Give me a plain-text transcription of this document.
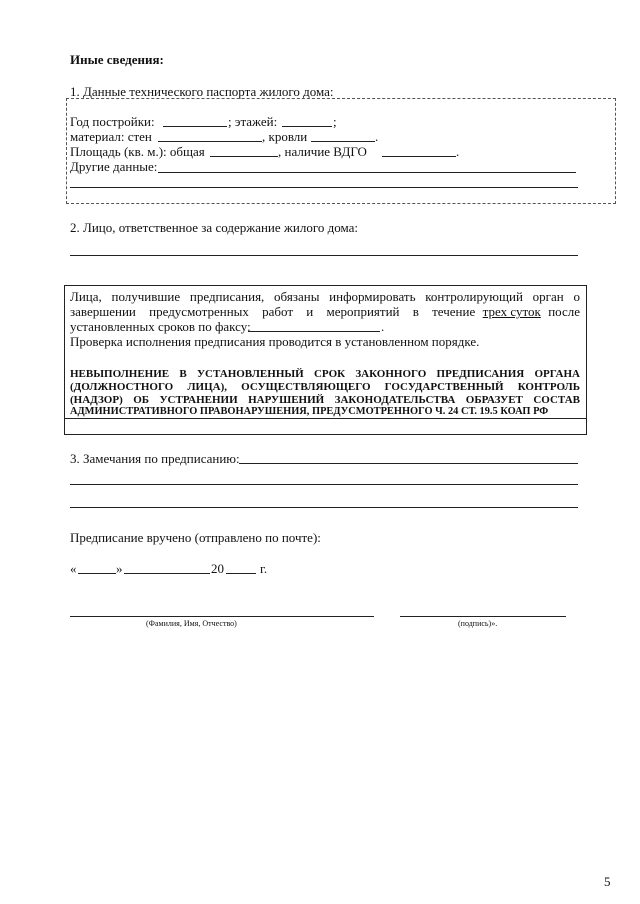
Иные сведения:
1. Данные технического паспорта жилого дома:
Год постройки:	; этажей:	;
материал: стен	, кровли	.
Площадь (кв. м.): общая	, наличие ВДГО	.
Другие данные:
2. Лицо, ответственное за содержание жилого дома:
Лица, получившие предписания, обязаны информировать контролирующий орган о
завершении предусмотренных работ и мероприятий в течение трех суток после
установленных сроков по факсу:	.
Проверка исполнения предписания проводится в установленном порядке.
НЕВЫПОЛНЕНИЕ В УСТАНОВЛЕННЫЙ СРОК ЗАКОННОГО ПРЕДПИСАНИЯ ОРГАНА
(ДОЛЖНОСТНОГО ЛИЦА), ОСУЩЕСТВЛЯЮЩЕГО ГОСУДАРСТВЕННЫЙ КОНТРОЛЬ
(НАДЗОР) ОБ УСТРАНЕНИИ НАРУШЕНИЙ ЗАКОНОДАТЕЛЬСТВА ОБРАЗУЕТ СОСТАВ
АДМИНИСТРАТИВНОГО ПРАВОНАРУШЕНИЯ, ПРЕДУСМОТРЕННОГО Ч. 24 СТ. 19.5 КОАП РФ
3. Замечания по предписанию:
Предписание вручено (отправлено по почте):
«	»	20	г.
(Фамилия, Имя, Отчество)	(подпись)».
5
